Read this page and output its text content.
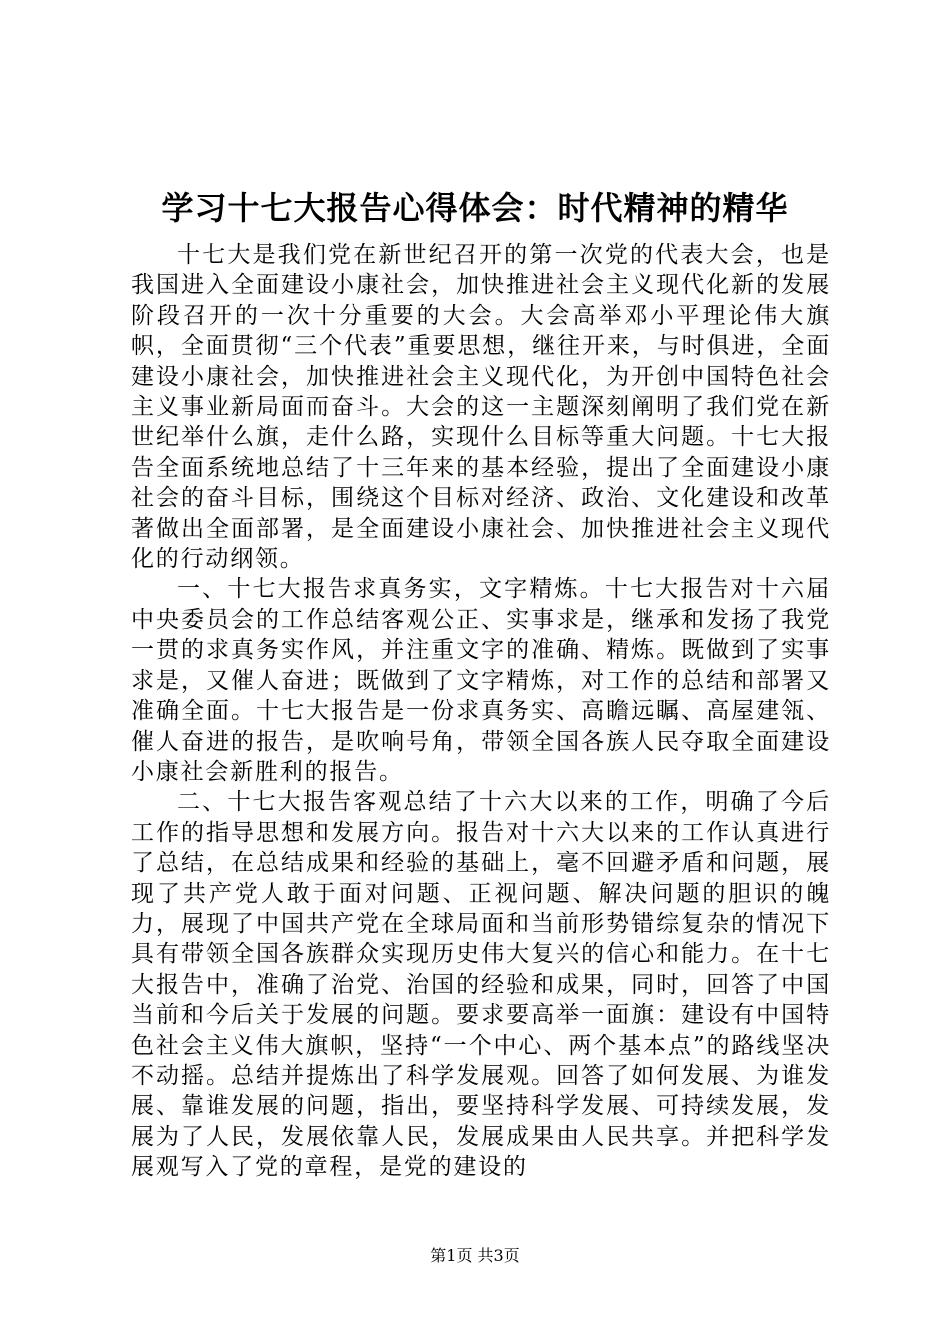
学习十七大报告心得体会：时代精神的精华

十七大是我们党在新世纪召开的第一次党的代表大会，也是我国进入全面建设小康社会，加快推进社会主义现代化新的发展阶段召开的一次十分重要的大会。大会高举邓小平理论伟大旗帜，全面贯彻“三个代表”重要思想，继往开来，与时俱进，全面建设小康社会，加快推进社会主义现代化，为开创中国特色社会主义事业新局面而奋斗。大会的这一主题深刻阐明了我们党在新世纪举什么旗，走什么路，实现什么目标等重大问题。十七大报告全面系统地总结了十三年来的基本经验，提出了全面建设小康社会的奋斗目标，围绕这个目标对经济、政治、文化建设和改革著做出全面部署，是全面建设小康社会、加快推进社会主义现代化的行动纲领。

一、十七大报告求真务实，文字精炼。十七大报告对十六届中央委员会的工作总结客观公正、实事求是，继承和发扬了我党一贯的求真务实作风，并注重文字的准确、精炼。既做到了实事求是，又催人奋进；既做到了文字精炼，对工作的总结和部署又准确全面。十七大报告是一份求真务实、高瞻远瞩、高屋建瓴、催人奋进的报告，是吹响号角，带领全国各族人民夺取全面建设小康社会新胜利的报告。

二、十七大报告客观总结了十六大以来的工作，明确了今后工作的指导思想和发展方向。报告对十六大以来的工作认真进行了总结，在总结成果和经验的基础上，毫不回避矛盾和问题，展现了共产党人敢于面对问题、正视问题、解决问题的胆识的魄力，展现了中国共产党在全球局面和当前形势错综复杂的情况下具有带领全国各族群众实现历史伟大复兴的信心和能力。在十七大报告中，准确了治党、治国的经验和成果，同时，回答了中国当前和今后关于发展的问题。要求要高举一面旗：建设有中国特色社会主义伟大旗帜，坚持“一个中心、两个基本点”的路线坚决不动摇。总结并提炼出了科学发展观。回答了如何发展、为谁发展、靠谁发展的问题，指出，要坚持科学发展、可持续发展，发展为了人民，发展依靠人民，发展成果由人民共享。并把科学发展观写入了党的章程，是党的建设的

第1页 共3页
